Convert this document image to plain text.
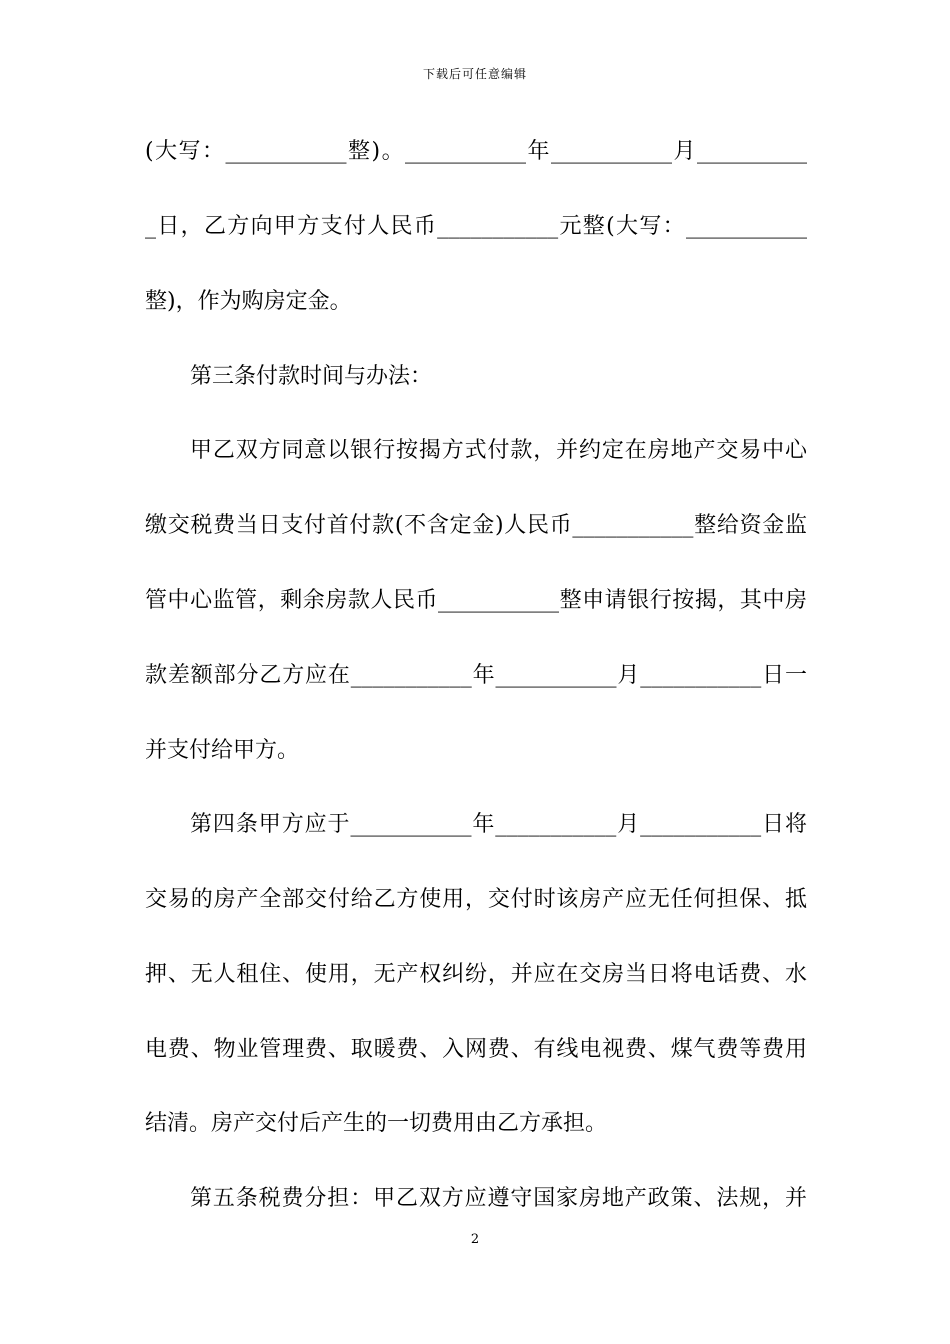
下载后可任意编辑
(大写：___________整)。___________年___________月__________
_日，乙方向甲方支付人民币___________元整(大写：___________
整)，作为购房定金。
第三条付款时间与办法：
甲乙双方同意以银行按揭方式付款，并约定在房地产交易中心
缴交税费当日支付首付款(不含定金)人民币___________整给资金监
管中心监管，剩余房款人民币___________整申请银行按揭，其中房
款差额部分乙方应在___________年___________月___________日一
并支付给甲方。
第四条甲方应于___________年___________月___________日将
交易的房产全部交付给乙方使用，交付时该房产应无任何担保、抵
押、无人租住、使用，无产权纠纷，并应在交房当日将电话费、水
电费、物业管理费、取暖费、入网费、有线电视费、煤气费等费用
结清。房产交付后产生的一切费用由乙方承担。
第五条税费分担：甲乙双方应遵守国家房地产政策、法规，并
2
